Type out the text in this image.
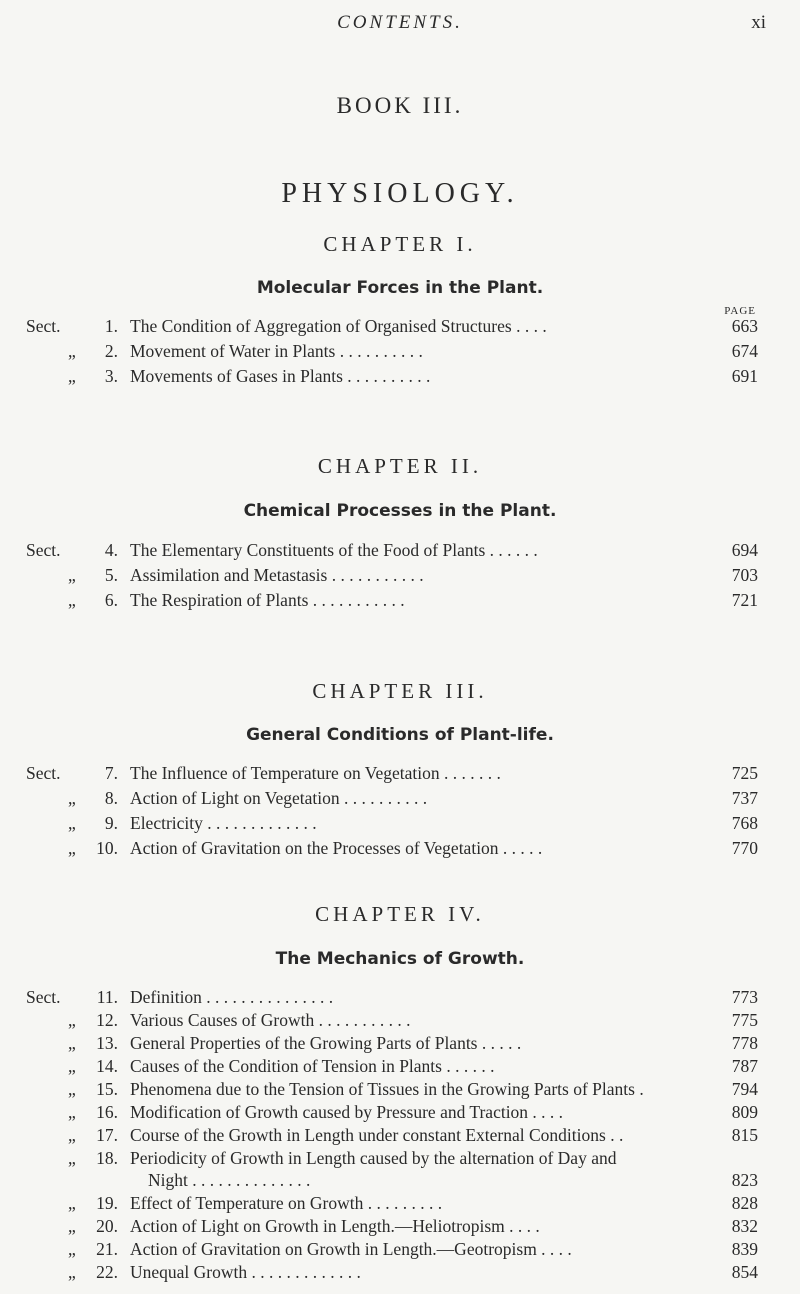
CONTENTS.	xi
BOOK III.
PHYSIOLOGY.
PAGE
CHAPTER I.
Molecular Forces in the Plant.
Sect.	1. The Condition of Aggregation of Organised Structures . . . .	663
„	2. Movement of Water in Plants . . . . . . . . . .	674
„	3. Movements of Gases in Plants . . . . . . . . . .	691
CHAPTER II.
Chemical Processes in the Plant.
Sect.	4. The Elementary Constituents of the Food of Plants . . . . . .	694
„	5. Assimilation and Metastasis . . . . . . . . . . .	703
„	6. The Respiration of Plants . . . . . . . . . . .	721
CHAPTER III.
General Conditions of Plant-life.
Sect.	7. The Influence of Temperature on Vegetation . . . . . . .	725
„	8. Action of Light on Vegetation . . . . . . . . . .	737
„	9. Electricity . . . . . . . . . . . . .	768
„	10. Action of Gravitation on the Processes of Vegetation . . . . .	770
CHAPTER IV.
The Mechanics of Growth.
Sect.	11. Definition . . . . . . . . . . . . . . .	773
„	12. Various Causes of Growth . . . . . . . . . . .	775
„	13. General Properties of the Growing Parts of Plants . . . . .	778
„	14. Causes of the Condition of Tension in Plants . . . . . .	787
„	15. Phenomena due to the Tension of Tissues in the Growing Parts of Plants .	794
„	16. Modification of Growth caused by Pressure and Traction . . . .	809
„	17. Course of the Growth in Length under constant External Conditions . .	815
„	18. Periodicity of Growth in Length caused by the alternation of Day and
Night . . . . . . . . . . . . . .	823
„	19. Effect of Temperature on Growth . . . . . . . . .	828
„	20. Action of Light on Growth in Length.—Heliotropism . . . .	832
„	21. Action of Gravitation on Growth in Length.—Geotropism . . . .	839
„	22. Unequal Growth . . . . . . . . . . . . .	854
